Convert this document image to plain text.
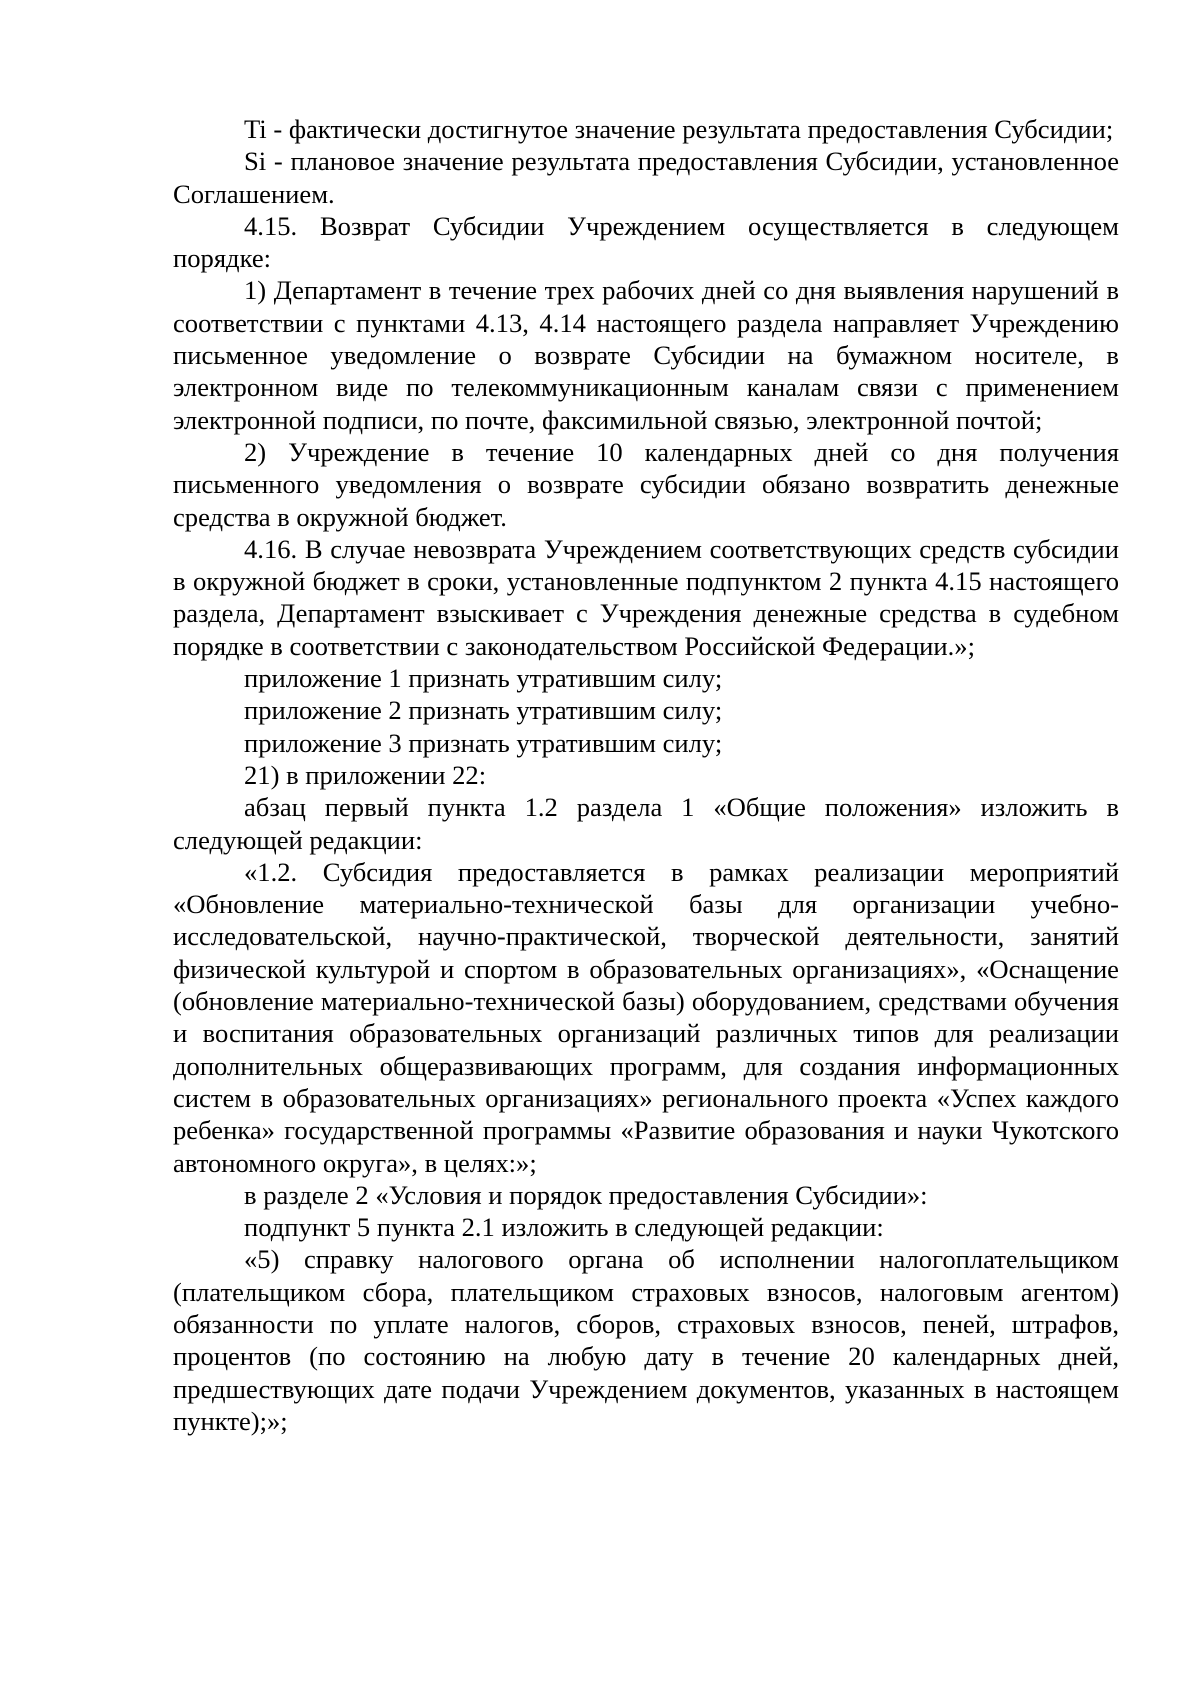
Ti - фактически достигнутое значение результата предоставления Субсидии;

Si - плановое значение результата предоставления Субсидии, установленное Соглашением.

4.15. Возврат Субсидии Учреждением осуществляется в следующем порядке:

1) Департамент в течение трех рабочих дней со дня выявления нарушений в соответствии с пунктами 4.13, 4.14 настоящего раздела направляет Учреждению письменное уведомление о возврате Субсидии на бумажном носителе, в электронном виде по телекоммуникационным каналам связи с применением электронной подписи, по почте, факсимильной связью, электронной почтой;

2) Учреждение в течение 10 календарных дней со дня получения письменного уведомления о возврате субсидии обязано возвратить денежные средства в окружной бюджет.

4.16. В случае невозврата Учреждением соответствующих средств субсидии в окружной бюджет в сроки, установленные подпунктом 2 пункта 4.15 настоящего раздела, Департамент взыскивает с Учреждения денежные средства в судебном порядке в соответствии с законодательством Российской Федерации.»;

приложение 1 признать утратившим силу;

приложение 2 признать утратившим силу;

приложение 3 признать утратившим силу;

21) в приложении 22:

абзац первый пункта 1.2 раздела 1 «Общие положения» изложить в следующей редакции:

«1.2. Субсидия предоставляется в рамках реализации мероприятий «Обновление материально-технической базы для организации учебно-исследовательской, научно-практической, творческой деятельности, занятий физической культурой и спортом в образовательных организациях», «Оснащение (обновление материально-технической базы) оборудованием, средствами обучения и воспитания образовательных организаций различных типов для реализации дополнительных общеразвивающих программ, для создания информационных систем в образовательных организациях» регионального проекта «Успех каждого ребенка» государственной программы «Развитие образования и науки Чукотского автономного округа», в целях:»;

в разделе 2 «Условия и порядок предоставления Субсидии»:

подпункт 5 пункта 2.1 изложить в следующей редакции:

«5) справку налогового органа об исполнении налогоплательщиком (плательщиком сбора, плательщиком страховых взносов, налоговым агентом) обязанности по уплате налогов, сборов, страховых взносов, пеней, штрафов, процентов (по состоянию на любую дату в течение 20 календарных дней, предшествующих дате подачи Учреждением документов, указанных в настоящем пункте);»;
